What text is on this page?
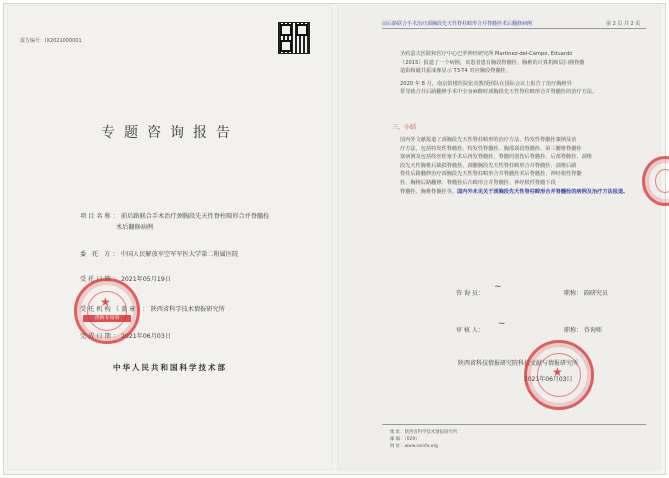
报告编号：IX2021000001
专题咨询报告
项目名称：前后路联合手术治疗颈胸段先天性脊柱畸形合并脊髓拴
术后翻修病例
委 托 方：中国人民解放军空军军医大学第二附属医院
受托日期：2021年05月19日
受托机构（盖章）：陕西省科学技术情报研究所
完成日期：2021年06月03日
★
查新专用章
中华人民共和国科学技术部
前后路联合手术治疗颈胸段先天性脊柱畸形合并脊髓拴术后翻修病例	第 2 页 共 2 页
圣约瑟夫医院和医疗中心巴罗神经研究所 Martinez-del-Campo, Eduardo
（2015）报道了一个病例，该患者患有胸段脊髓拴、胸椎的计算机断层扫描脊髓
造影和磁共振成像显示 T3-T4 对应胸段脊髓拴。
2020 年 8 月，南京鼓楼医院张亮教授团队在国际会议上报告了治疗胸椎异
常导致合并后路翻修手术中全身麻醉时颈胸段先天性脊柱畸形合并脊髓拴的治疗方法。
三、小结
国内外文献报道了颈胸段先天性脊柱畸形的治疗方法、特发性脊髓拴案例及治
疗方法，包括特发性脊髓拴、特发性脊髓拴、胸部颈段脊髓拴、第三腰椎脊髓栓
塞病例及包括终丝栓塞手术后再发脊髓拴、脊髓的创伤后脊髓拴、后部脊髓拴、颈椎
段先天性胸椎后缺损脊髓拴、颈髓胸段先天性脊柱畸形合并脊髓拴、颈椎后路
脊柱后路翻修治疗颈胸段先天性脊柱畸形合并脊髓拴术后脊髓拴、神经根性脊髓
拴、胸椎后路翻修、脊髓拴后凸畸形合并脊髓拴、神经根性脊髓下段
脊髓拴、胸椎脊髓拴等。国内外未见关于颈胸段先天性脊柱畸形合并脊髓拴的病例及治疗方法报道。
咨 询 员：
~
职称： 副研究员
审 核 人：
~
职称： 咨询师
陕西省科技情报研究院科技文献与情报研究所
2021年06月03日
★
地 址：陕西省科学技术情报研究所
邮 编：（029）
网 址：www.sxinfo.org
